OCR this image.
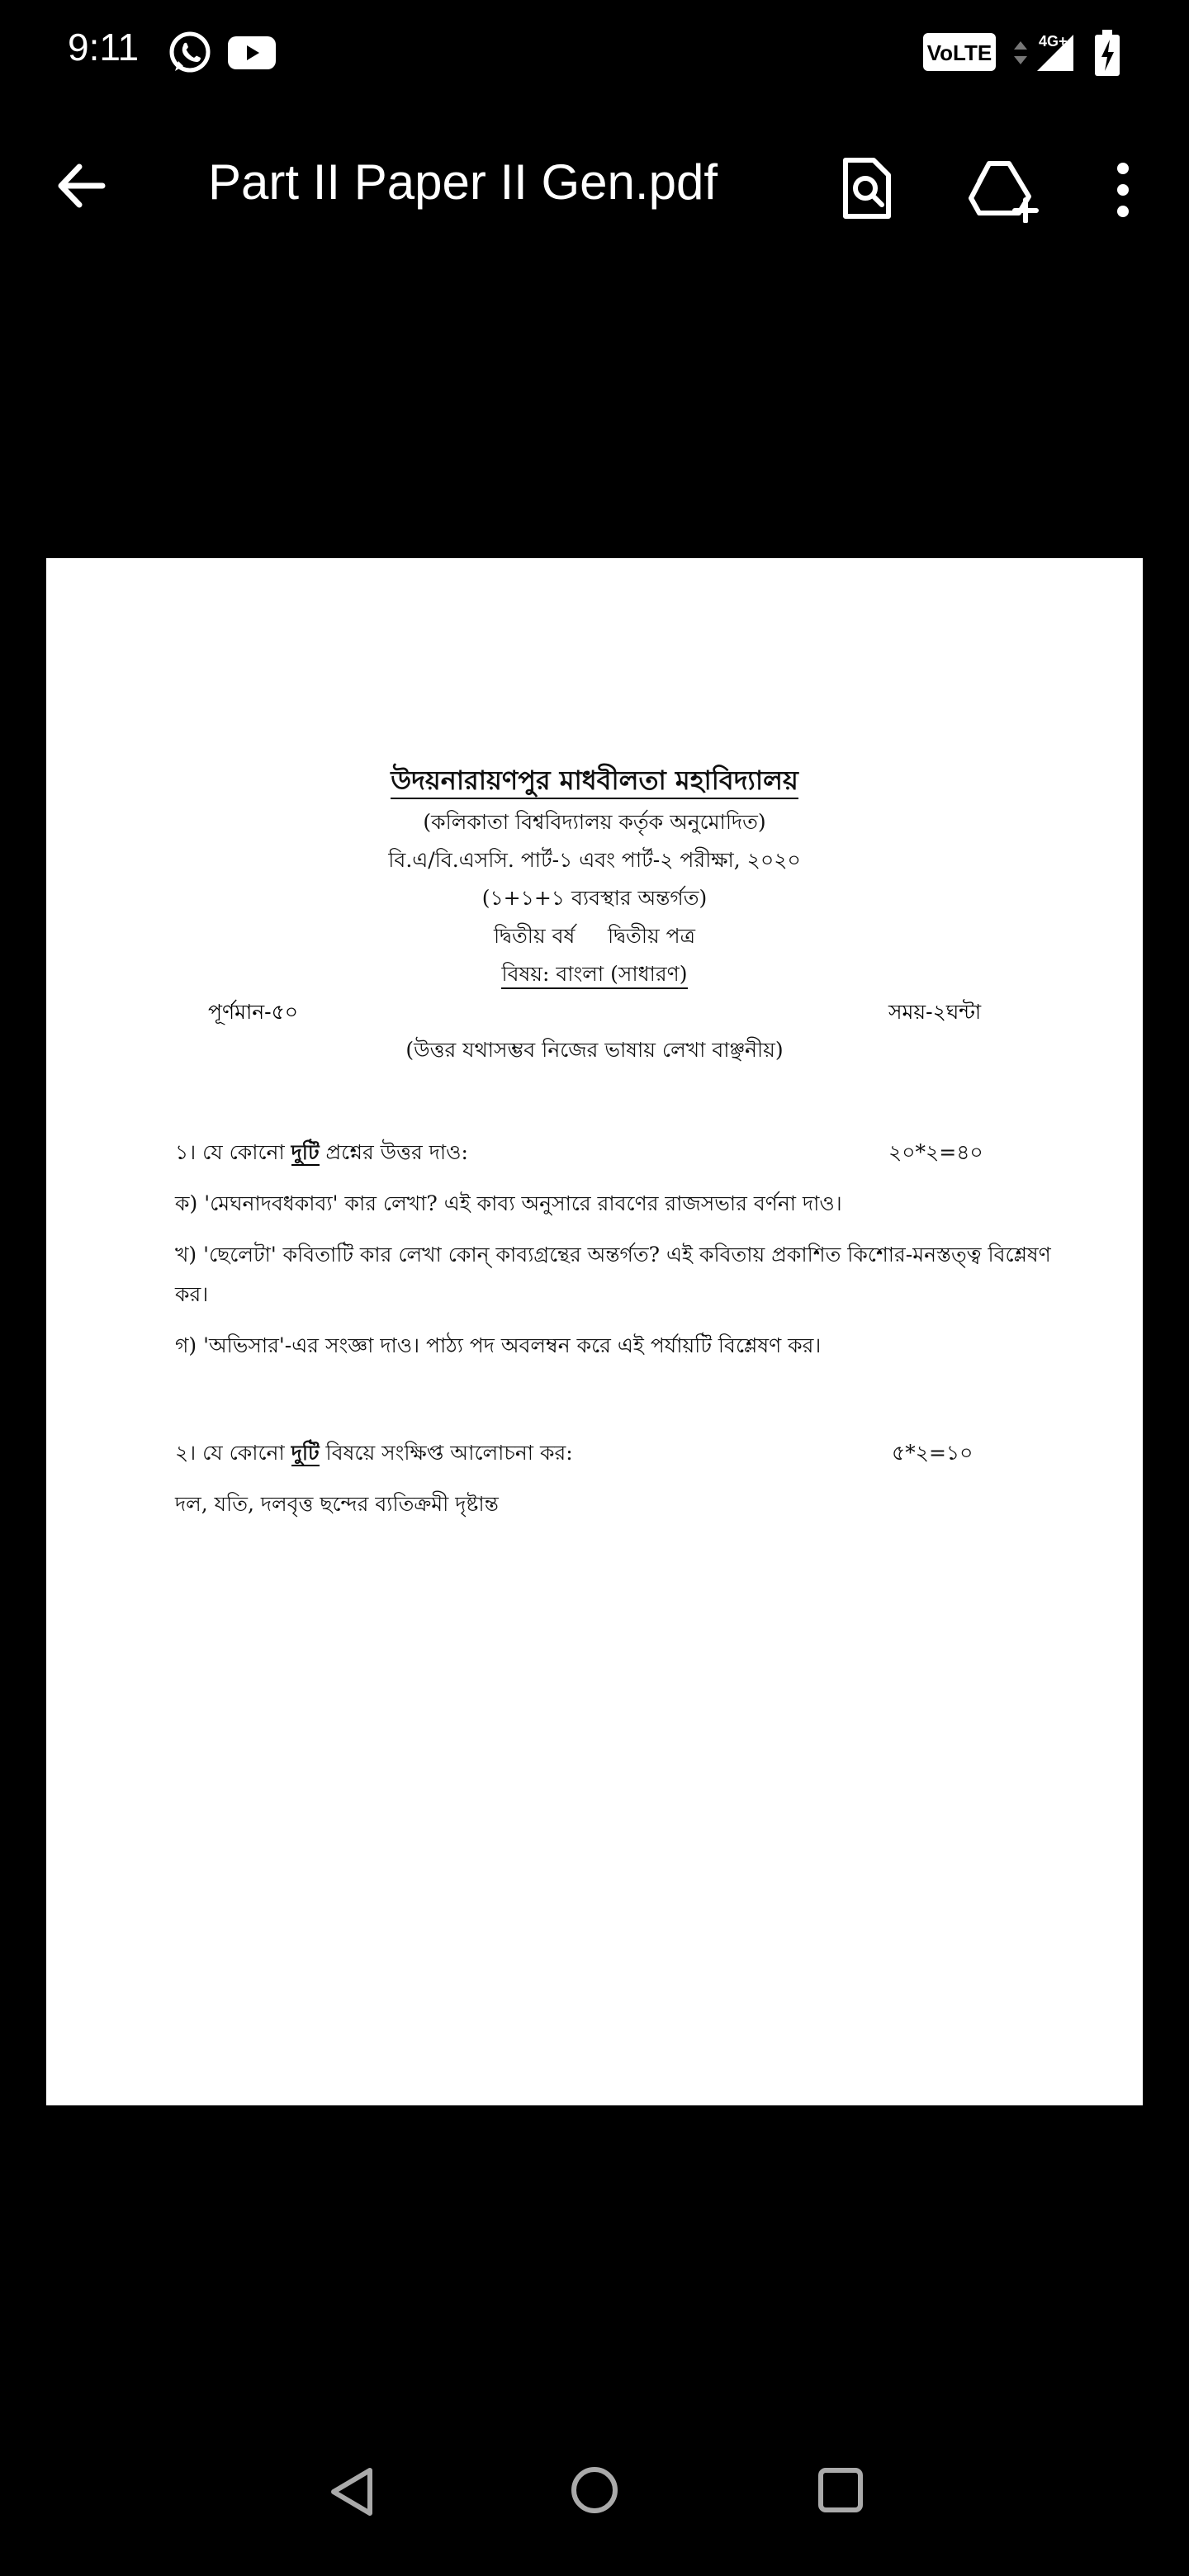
9:11	VoLTE	4G+
Part II Paper II Gen.pdf
উদয়নারায়ণপুর মাধবীলতা মহাবিদ্যালয়
(কলিকাতা বিশ্ববিদ্যালয় কর্তৃক অনুমোদিত)
বি.এ/বি.এসসি. পার্ট-১ এবং পার্ট-২ পরীক্ষা, ২০২০
(১+১+১ ব্যবস্থার অন্তর্গত)
দ্বিতীয় বর্ষ দ্বিতীয় পত্র
বিষয়: বাংলা (সাধারণ)
পূর্ণমান-৫০	সময়-২ঘন্টা
(উত্তর যথাসম্ভব নিজের ভাষায় লেখা বাঞ্ছনীয়)
১। যে কোনো দুটি প্রশ্নের উত্তর দাও:	২০*২=৪০
ক) 'মেঘনাদবধকাব্য' কার লেখা? এই কাব্য অনুসারে রাবণের রাজসভার বর্ণনা দাও।
খ) 'ছেলেটা' কবিতাটি কার লেখা কোন্ কাব্যগ্রন্থের অন্তর্গত? এই কবিতায় প্রকাশিত কিশোর-মনস্তত্ত্ব বিশ্লেষণ
কর।
গ) 'অভিসার'-এর সংজ্ঞা দাও। পাঠ্য পদ অবলম্বন করে এই পর্যায়টি বিশ্লেষণ কর।
২। যে কোনো দুটি বিষয়ে সংক্ষিপ্ত আলোচনা কর:	৫*২=১০
দল, যতি, দলবৃত্ত ছন্দের ব্যতিক্রমী দৃষ্টান্ত
